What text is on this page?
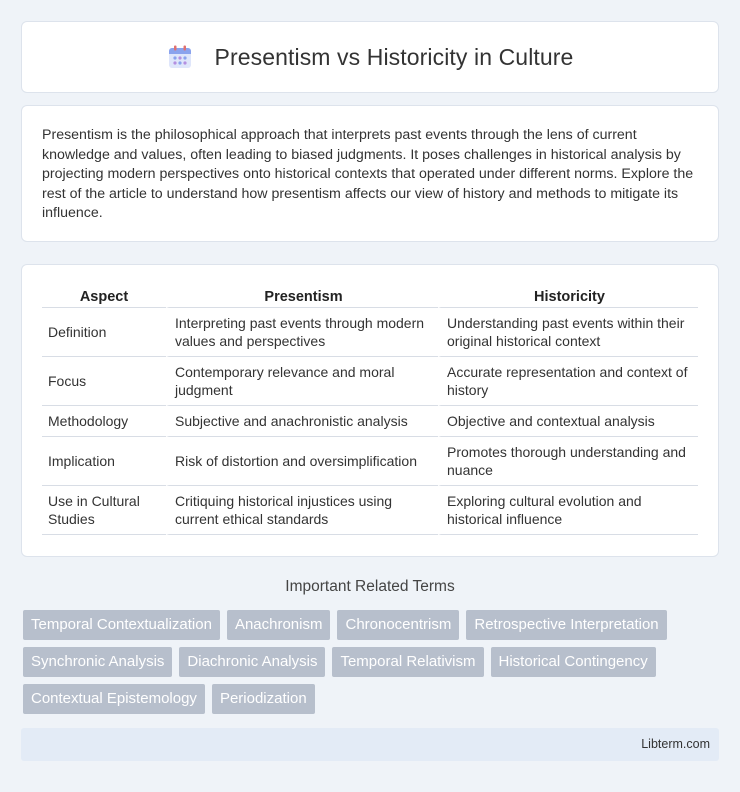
Presentism vs Historicity in Culture

Presentism is the philosophical approach that interprets past events through the lens of current knowledge and values, often leading to biased judgments. It poses challenges in historical analysis by projecting modern perspectives onto historical contexts that operated under different norms. Explore the rest of the article to understand how presentism affects our view of history and methods to mitigate its influence.

Aspect	Presentism	Historicity
Definition	Interpreting past events through modern values and perspectives	Understanding past events within their original historical context
Focus	Contemporary relevance and moral judgment	Accurate representation and context of history
Methodology	Subjective and anachronistic analysis	Objective and contextual analysis
Implication	Risk of distortion and oversimplification	Promotes thorough understanding and nuance
Use in Cultural Studies	Critiquing historical injustices using current ethical standards	Exploring cultural evolution and historical influence
Important Related Terms
Temporal Contextualization	Anachronism	Chronocentrism	Retrospective Interpretation
Synchronic Analysis	Diachronic Analysis	Temporal Relativism	Historical Contingency
Contextual Epistemology	Periodization
Libterm.com
